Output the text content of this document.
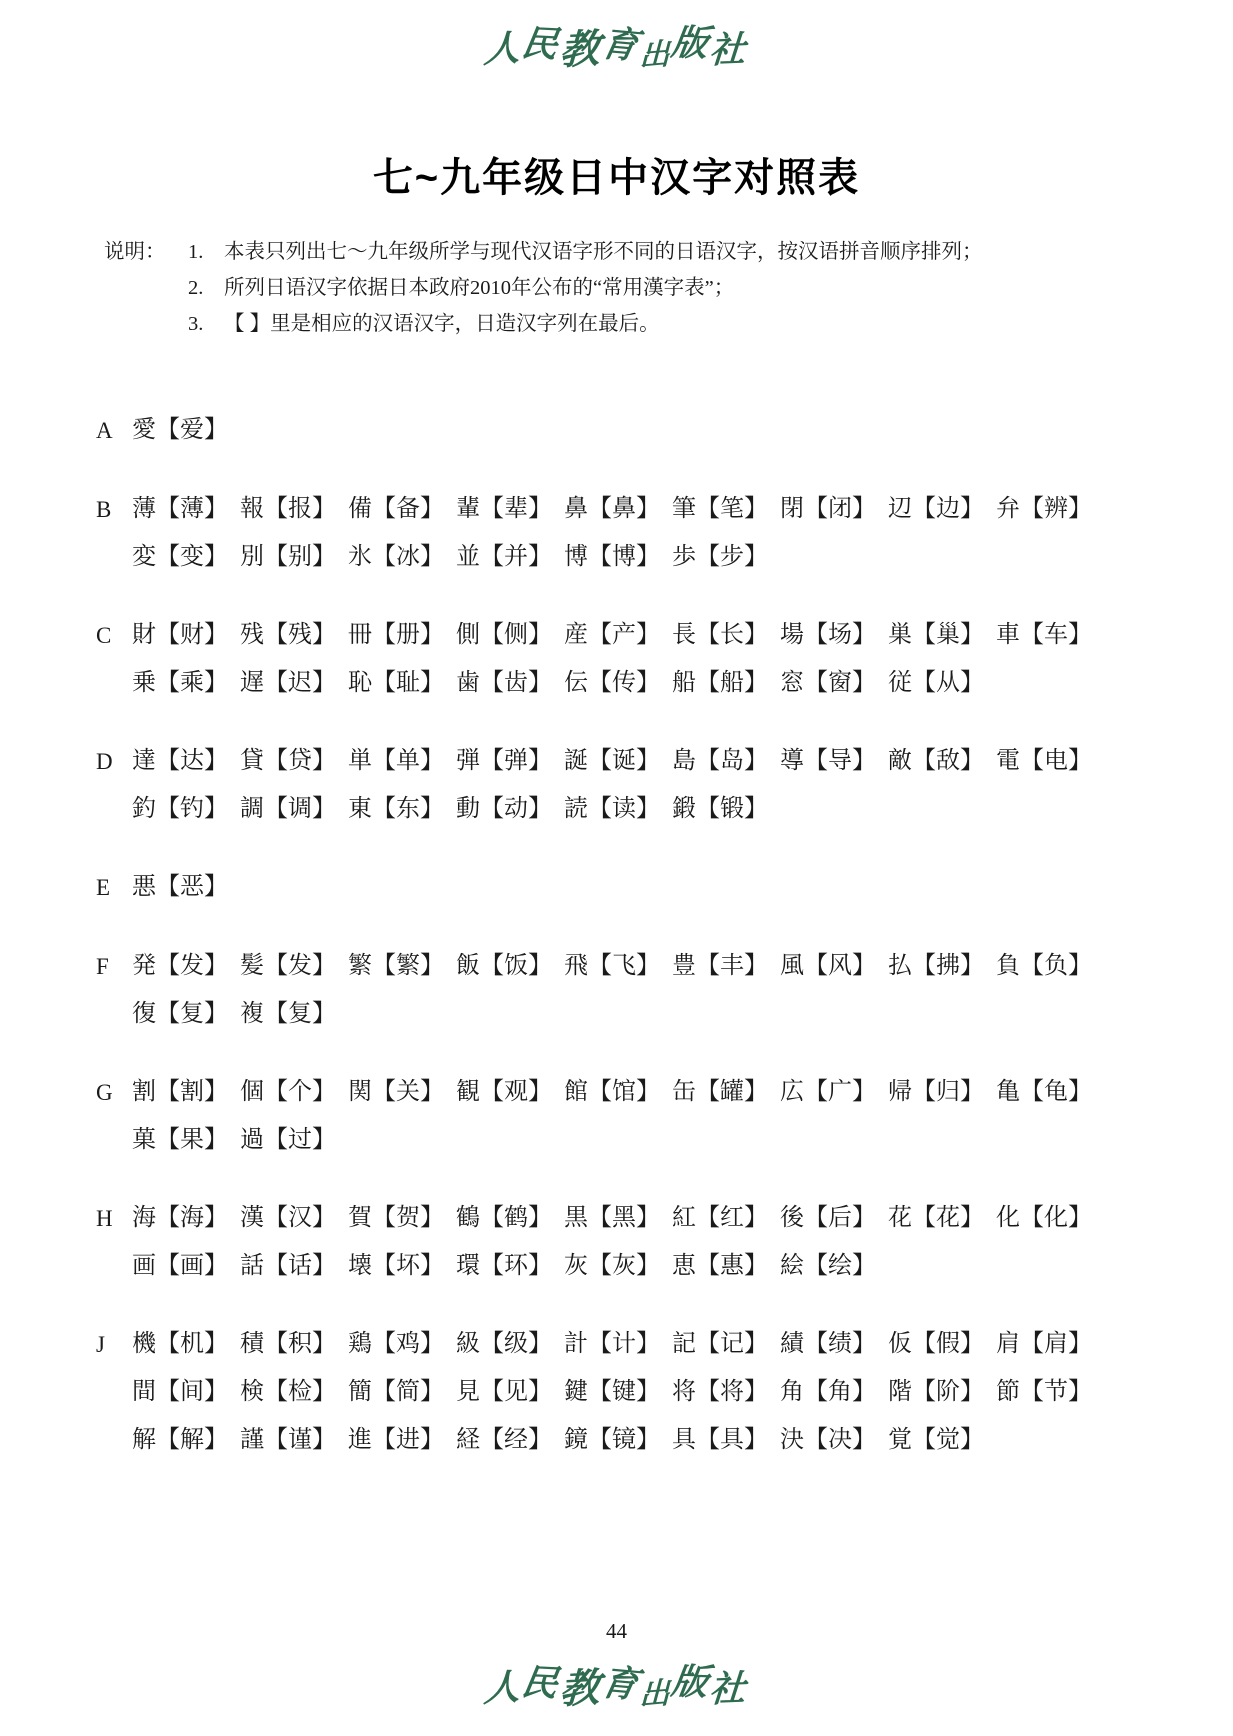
人民教育出版社
七~九年级日中汉字对照表
说明：	1.	本表只列出七～九年级所学与现代汉语字形不同的日语汉字，按汉语拼音顺序排列；
2.	所列日语汉字依据日本政府2010年公布的“常用漢字表”；
3.	【 】里是相应的汉语汉字，日造汉字列在最后。
A 愛【爱】
B 薄【薄】 報【报】 備【备】 輩【辈】 鼻【鼻】 筆【笔】 閉【闭】 辺【边】 弁【辨】
変【变】 別【别】 氷【冰】 並【并】 博【博】 歩【步】
C 財【财】 残【残】 冊【册】 側【侧】 産【产】 長【长】 場【场】 巣【巢】 車【车】
乗【乘】 遅【迟】 恥【耻】 歯【齿】 伝【传】 船【船】 窓【窗】 従【从】
D 達【达】 貸【贷】 単【单】 弾【弹】 誕【诞】 島【岛】 導【导】 敵【敌】 電【电】
釣【钓】 調【调】 東【东】 動【动】 読【读】 鍛【锻】
E 悪【恶】
F 発【发】 髪【发】 繁【繁】 飯【饭】 飛【飞】 豊【丰】 風【风】 払【拂】 負【负】
復【复】 複【复】
G 割【割】 個【个】 関【关】 観【观】 館【馆】 缶【罐】 広【广】 帰【归】 亀【龟】
菓【果】 過【过】
H 海【海】 漢【汉】 賀【贺】 鶴【鹤】 黒【黑】 紅【红】 後【后】 花【花】 化【化】
画【画】 話【话】 壊【坏】 環【环】 灰【灰】 恵【惠】 絵【绘】
J	機【机】 積【积】 鶏【鸡】 級【级】 計【计】 記【记】 績【绩】 仮【假】 肩【肩】
間【间】 検【检】 簡【简】 見【见】 鍵【键】 将【将】 角【角】 階【阶】 節【节】
解【解】 謹【谨】 進【进】 経【经】 鏡【镜】 具【具】 決【决】 覚【觉】
44
人民教育出版社
